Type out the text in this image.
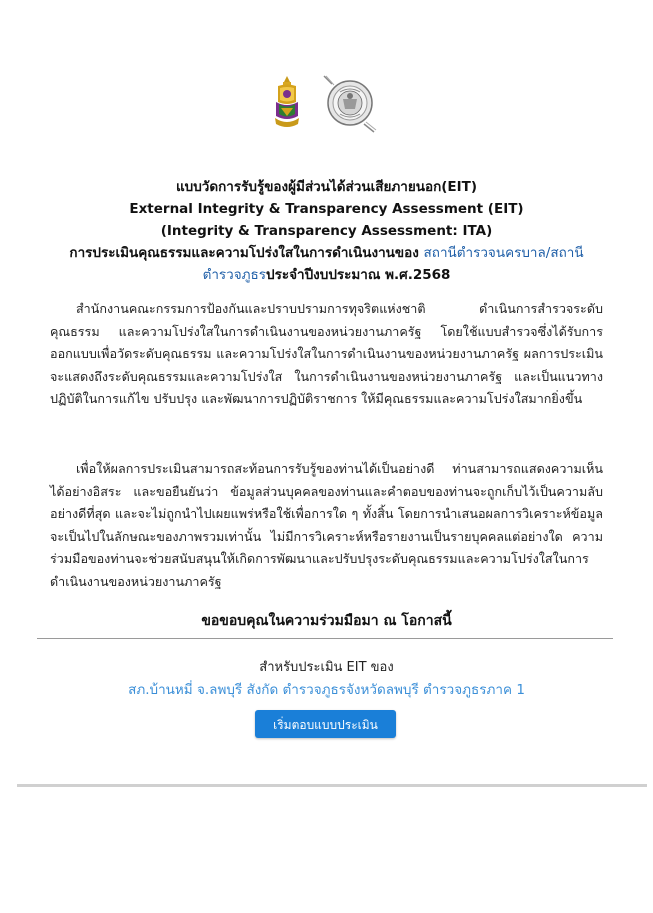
แบบวัดการรับรู้ของผู้มีส่วนได้ส่วนเสียภายนอก(EIT)
External Integrity & Transparency Assessment (EIT)
(Integrity & Transparency Assessment: ITA)
การประเมินคุณธรรมและความโปร่งใสในการดำเนินงานของ สถานีตำรวจนครบาล/สถานี
ตำรวจภูธรประจำปีงบประมาณ พ.ศ.2568
สำนักงานคณะกรรมการป้องกันและปราบปรามการทุจริตแห่งชาติ ดำเนินการสำรวจระดับคุณธรรม และความโปร่งใสในการดำเนินงานของหน่วยงานภาครัฐ โดยใช้แบบสำรวจซึ่งได้รับการออกแบบเพื่อวัดระดับคุณธรรม และความโปร่งใสในการดำเนินงานของหน่วยงานภาครัฐ ผลการประเมินจะแสดงถึงระดับคุณธรรมและความโปร่งใส ในการดำเนินงานของหน่วยงานภาครัฐ และเป็นแนวทางปฏิบัติในการแก้ไข ปรับปรุง และพัฒนาการปฏิบัติราชการ ให้มีคุณธรรมและความโปร่งใสมากยิ่งขึ้น
เพื่อให้ผลการประเมินสามารถสะท้อนการรับรู้ของท่านได้เป็นอย่างดี ท่านสามารถแสดงความเห็นได้อย่างอิสระ และขอยืนยันว่า ข้อมูลส่วนบุคคลของท่านและคำตอบของท่านจะถูกเก็บไว้เป็นความลับอย่างดีที่สุด และจะไม่ถูกนำไปเผยแพร่หรือใช้เพื่อการใด ๆ ทั้งสิ้น โดยการนำเสนอผลการวิเคราะห์ข้อมูลจะเป็นไปในลักษณะของภาพรวมเท่านั้น ไม่มีการวิเคราะห์หรือรายงานเป็นรายบุคคลแต่อย่างใด ความร่วมมือของท่านจะช่วยสนับสนุนให้เกิดการพัฒนาและปรับปรุงระดับคุณธรรมและความโปร่งใสในการดำเนินงานของหน่วยงานภาครัฐ
ขอขอบคุณในความร่วมมือมา ณ โอกาสนี้
สำหรับประเมิน EIT ของ
สภ.บ้านหมี่ จ.ลพบุรี สังกัด ตำรวจภูธรจังหวัดลพบุรี ตำรวจภูธรภาค 1
เริ่มตอบแบบประเมิน
